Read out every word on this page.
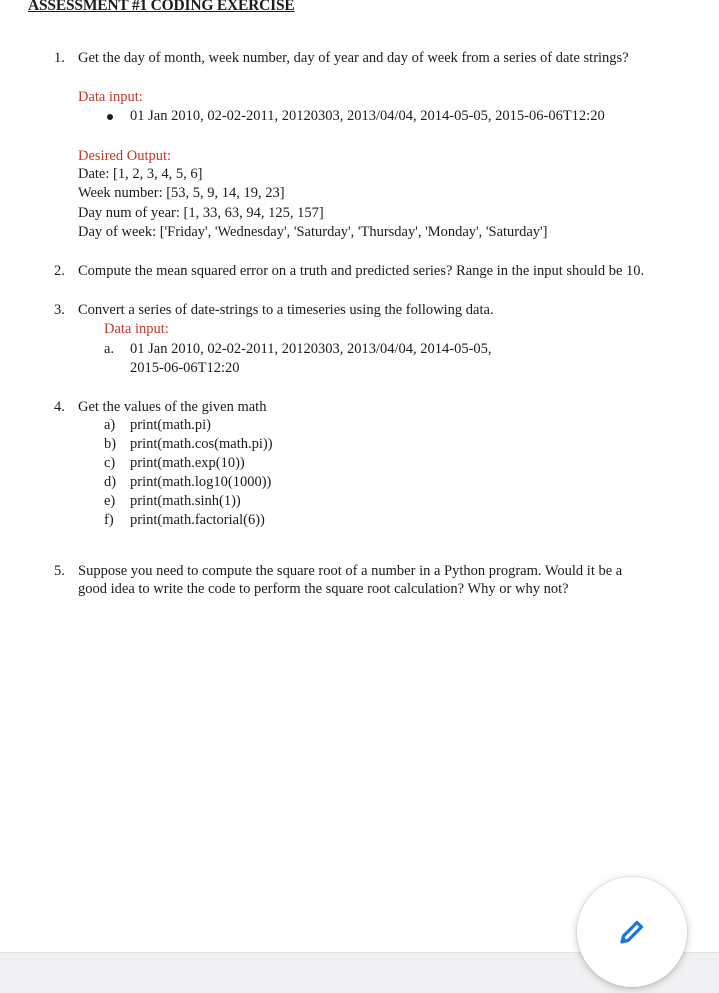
ASSESSMENT #1 CODING EXERCISE
1. Get the day of month, week number, day of year and day of week from a series of date strings?
Data input:
01 Jan 2010, 02-02-2011, 20120303, 2013/04/04, 2014-05-05, 2015-06-06T12:20
Desired Output:
Date: [1, 2, 3, 4, 5, 6]
Week number: [53, 5, 9, 14, 19, 23]
Day num of year: [1, 33, 63, 94, 125, 157]
Day of week: ['Friday', 'Wednesday', 'Saturday', 'Thursday', 'Monday', 'Saturday']
2. Compute the mean squared error on a truth and predicted series? Range in the input should be 10.
3. Convert a series of date-strings to a timeseries using the following data.
Data input:
a. 01 Jan 2010, 02-02-2011, 20120303, 2013/04/04, 2014-05-05,
2015-06-06T12:20
4. Get the values of the given math
a) print(math.pi)
b) print(math.cos(math.pi))
c) print(math.exp(10))
d) print(math.log10(1000))
e) print(math.sinh(1))
f) print(math.factorial(6))
5. Suppose you need to compute the square root of a number in a Python program. Would it be a
good idea to write the code to perform the square root calculation? Why or why not?
